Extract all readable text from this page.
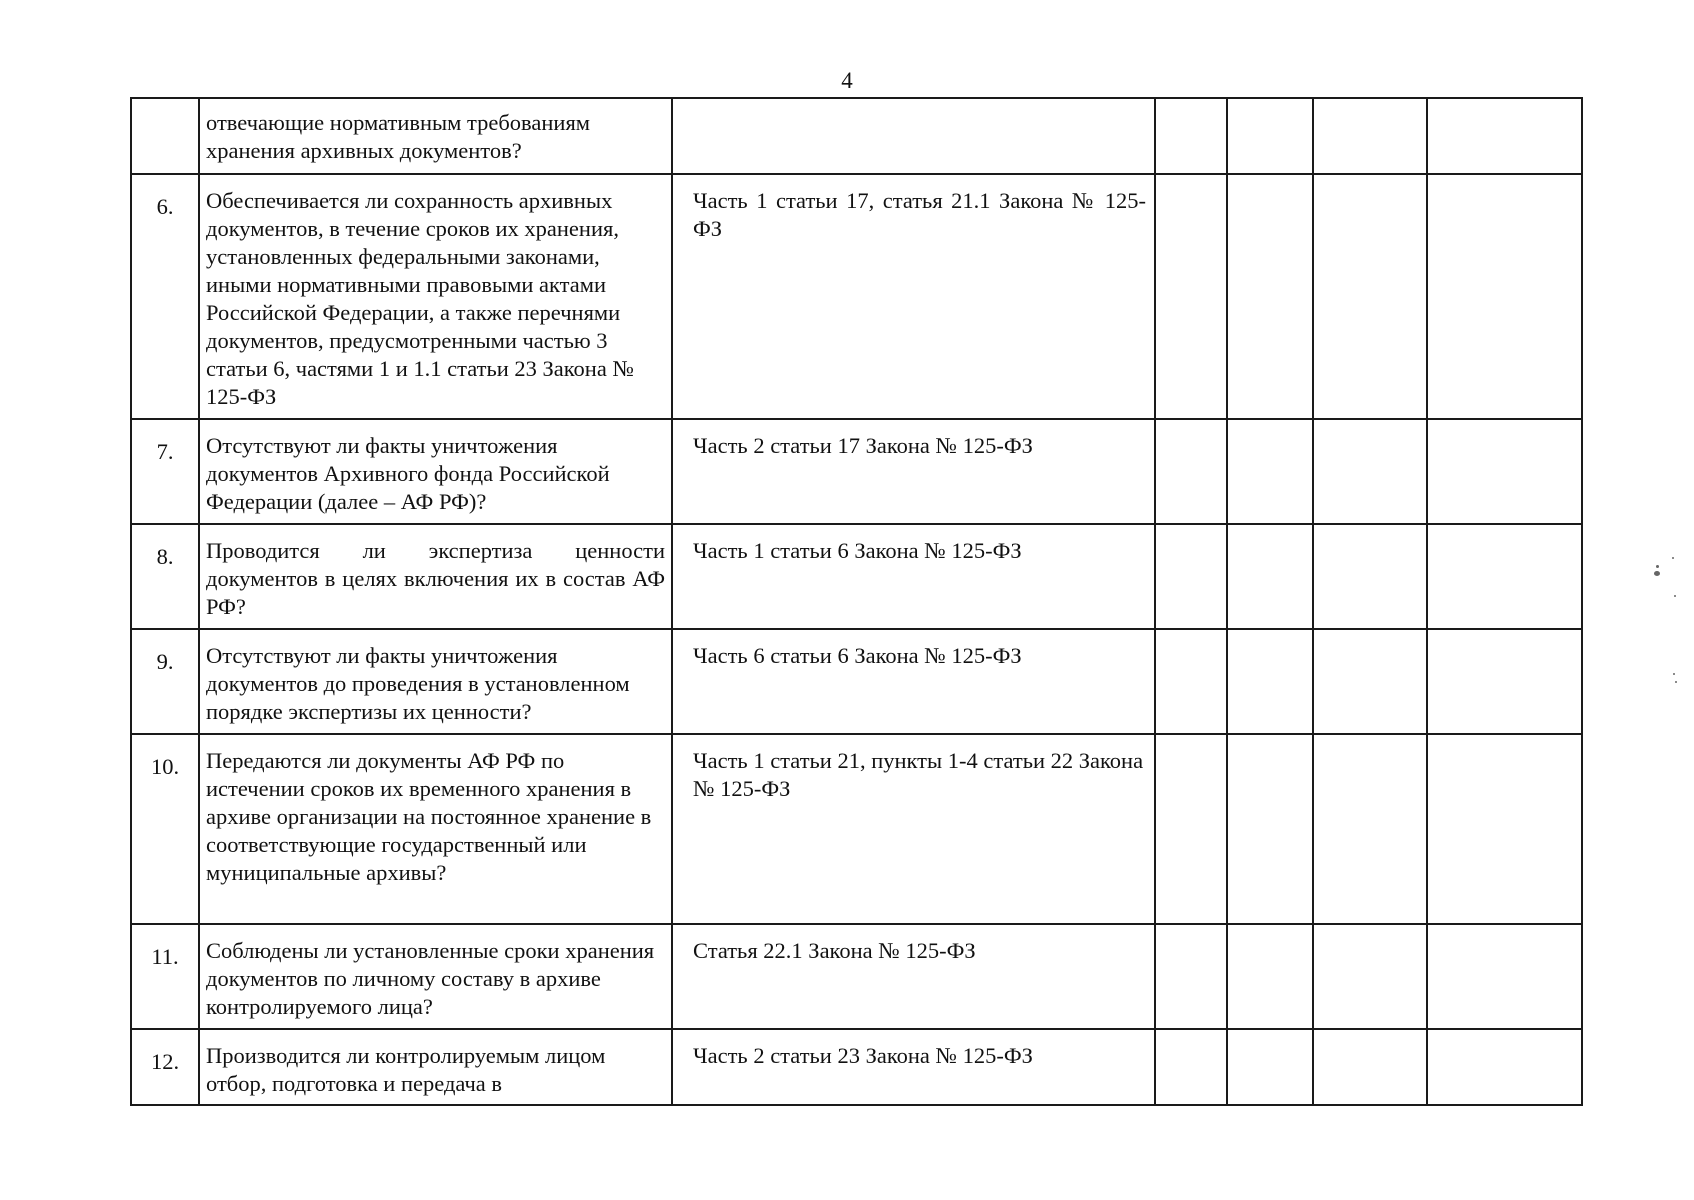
4
	отвечающие нормативным требованиям хранения архивных документов?					
6.	Обеспечивается ли сохранность архивных документов, в течение сроков их хранения, установленных федеральными законами, иными нормативными правовыми актами Российской Федерации, а также перечнями документов, предусмотренными частью 3 статьи 6, частями 1 и 1.1 статьи 23 Закона № 125-ФЗ	Часть 1 статьи 17, статья 21.1 Закона № 125-ФЗ				
7.	Отсутствуют ли факты уничтожения документов Архивного фонда Российской Федерации (далее – АФ РФ)?	Часть 2 статьи 17 Закона № 125-ФЗ				
8.	Проводится ли экспертиза ценности документов в целях включения их в состав АФ РФ?	Часть 1 статьи 6 Закона № 125-ФЗ				
9.	Отсутствуют ли факты уничтожения документов до проведения в установленном порядке экспертизы их ценности?	Часть 6 статьи 6 Закона № 125-ФЗ				
10.	Передаются ли документы АФ РФ по истечении сроков их временного хранения в архиве организации на постоянное хранение в соответствующие государственный или муниципальные архивы?	Часть 1 статьи 21, пункты 1-4 статьи 22 Закона № 125-ФЗ				
11.	Соблюдены ли установленные сроки хранения документов по личному составу в архиве контролируемого лица?	Статья 22.1 Закона № 125-ФЗ				
12.	Производится ли контролируемым лицом отбор, подготовка и передача в	Часть 2 статьи 23 Закона № 125-ФЗ				
